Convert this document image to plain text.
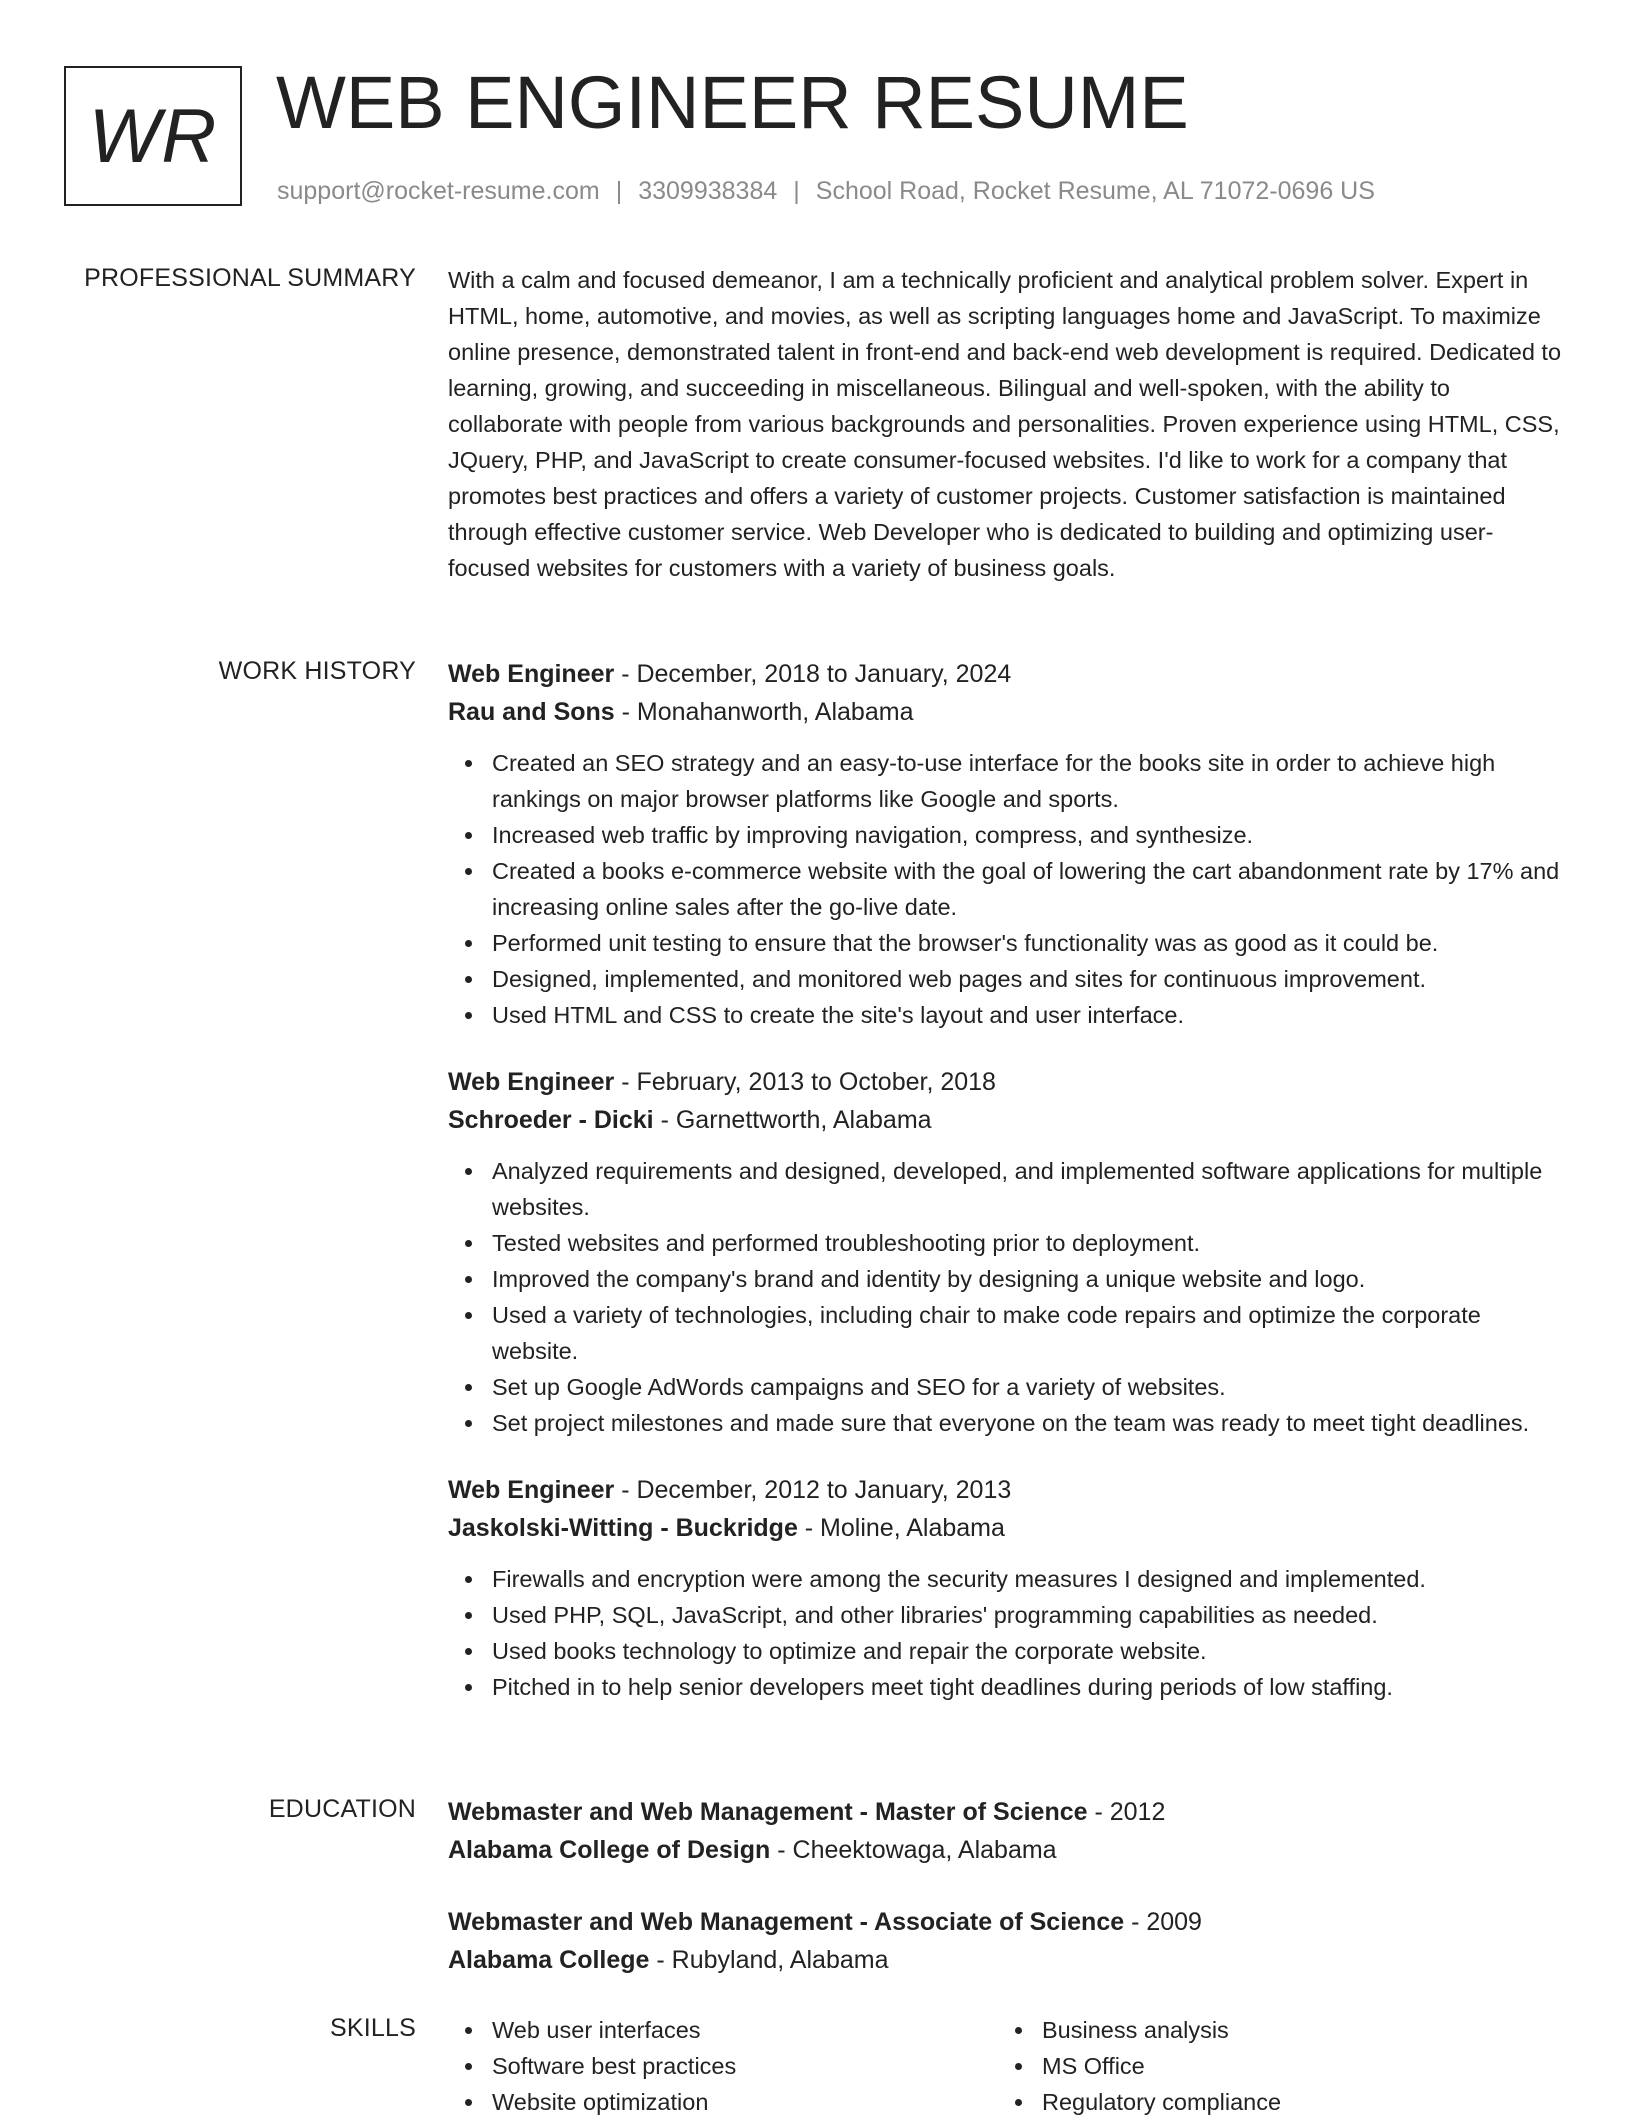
WR WEB ENGINEER RESUME
support@rocket-resume.com | 3309938384 | School Road, Rocket Resume, AL 71072-0696 US
PROFESSIONAL SUMMARY With a calm and focused demeanor, I am a technically proficient and analytical problem solver. Expert in HTML, home, automotive, and movies, as well as scripting languages home and JavaScript. To maximize online presence, demonstrated talent in front-end and back-end web development is required. Dedicated to learning, growing, and succeeding in miscellaneous. Bilingual and well-spoken, with the ability to collaborate with people from various backgrounds and personalities. Proven experience using HTML, CSS, JQuery, PHP, and JavaScript to create consumer-focused websites. I'd like to work for a company that promotes best practices and offers a variety of customer projects. Customer satisfaction is maintained through effective customer service. Web Developer who is dedicated to building and optimizing user-focused websites for customers with a variety of business goals.

WORK HISTORY Web Engineer - December, 2018 to January, 2024
Rau and Sons - Monahanworth, Alabama
Created an SEO strategy and an easy-to-use interface for the books site in order to achieve high rankings on major browser platforms like Google and sports.
Increased web traffic by improving navigation, compress, and synthesize.
Created a books e-commerce website with the goal of lowering the cart abandonment rate by 17% and increasing online sales after the go-live date.
Performed unit testing to ensure that the browser's functionality was as good as it could be.
Designed, implemented, and monitored web pages and sites for continuous improvement.
Used HTML and CSS to create the site's layout and user interface.
Web Engineer - February, 2013 to October, 2018
Schroeder - Dicki - Garnettworth, Alabama
Analyzed requirements and designed, developed, and implemented software applications for multiple websites.
Tested websites and performed troubleshooting prior to deployment.
Improved the company's brand and identity by designing a unique website and logo.
Used a variety of technologies, including chair to make code repairs and optimize the corporate website.
Set up Google AdWords campaigns and SEO for a variety of websites.
Set project milestones and made sure that everyone on the team was ready to meet tight deadlines.
Web Engineer - December, 2012 to January, 2013
Jaskolski-Witting - Buckridge - Moline, Alabama
Firewalls and encryption were among the security measures I designed and implemented.
Used PHP, SQL, JavaScript, and other libraries' programming capabilities as needed.
Used books technology to optimize and repair the corporate website.
Pitched in to help senior developers meet tight deadlines during periods of low staffing.
EDUCATION Webmaster and Web Management - Master of Science - 2012
Alabama College of Design - Cheektowaga, Alabama
Webmaster and Web Management - Associate of Science - 2009
Alabama College - Rubyland, Alabama
SKILLS	Web user interfaces
Software best practices
Website optimization
Business analysis
MS Office
Regulatory compliance
